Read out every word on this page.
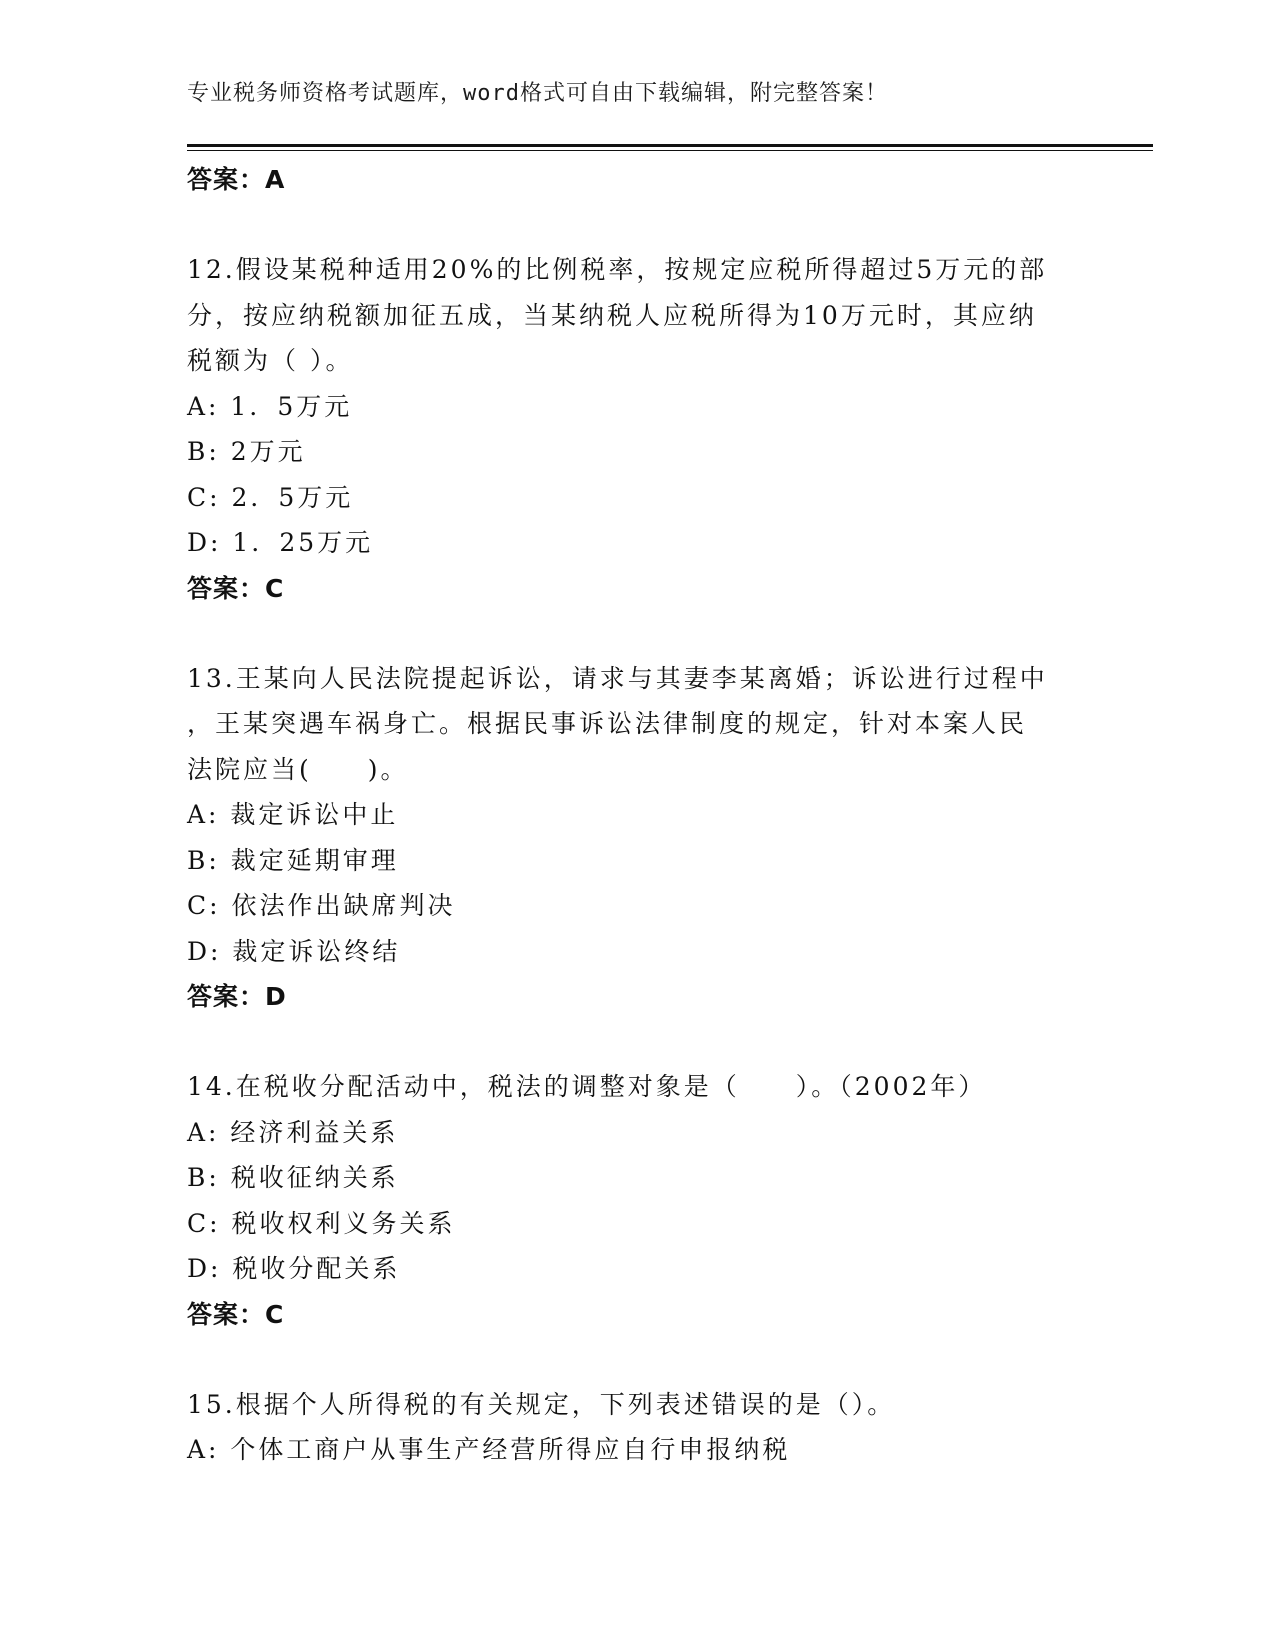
专业税务师资格考试题库，word格式可自由下载编辑，附完整答案！
答案：A
12.假设某税种适用20%的比例税率，按规定应税所得超过5万元的部
分，按应纳税额加征五成，当某纳税人应税所得为10万元时，其应纳
税额为（ ）。
A: 1．5万元
B: 2万元
C: 2．5万元
D: 1．25万元
答案：C
13.王某向人民法院提起诉讼，请求与其妻李某离婚；诉讼进行过程中
，王某突遇车祸身亡。根据民事诉讼法律制度的规定，针对本案人民
法院应当(　　)。
A: 裁定诉讼中止
B: 裁定延期审理
C: 依法作出缺席判决
D: 裁定诉讼终结
答案：D
14.在税收分配活动中，税法的调整对象是（　　）。（2002年）
A: 经济利益关系
B: 税收征纳关系
C: 税收权利义务关系
D: 税收分配关系
答案：C
15.根据个人所得税的有关规定，下列表述错误的是（）。
A: 个体工商户从事生产经营所得应自行申报纳税
